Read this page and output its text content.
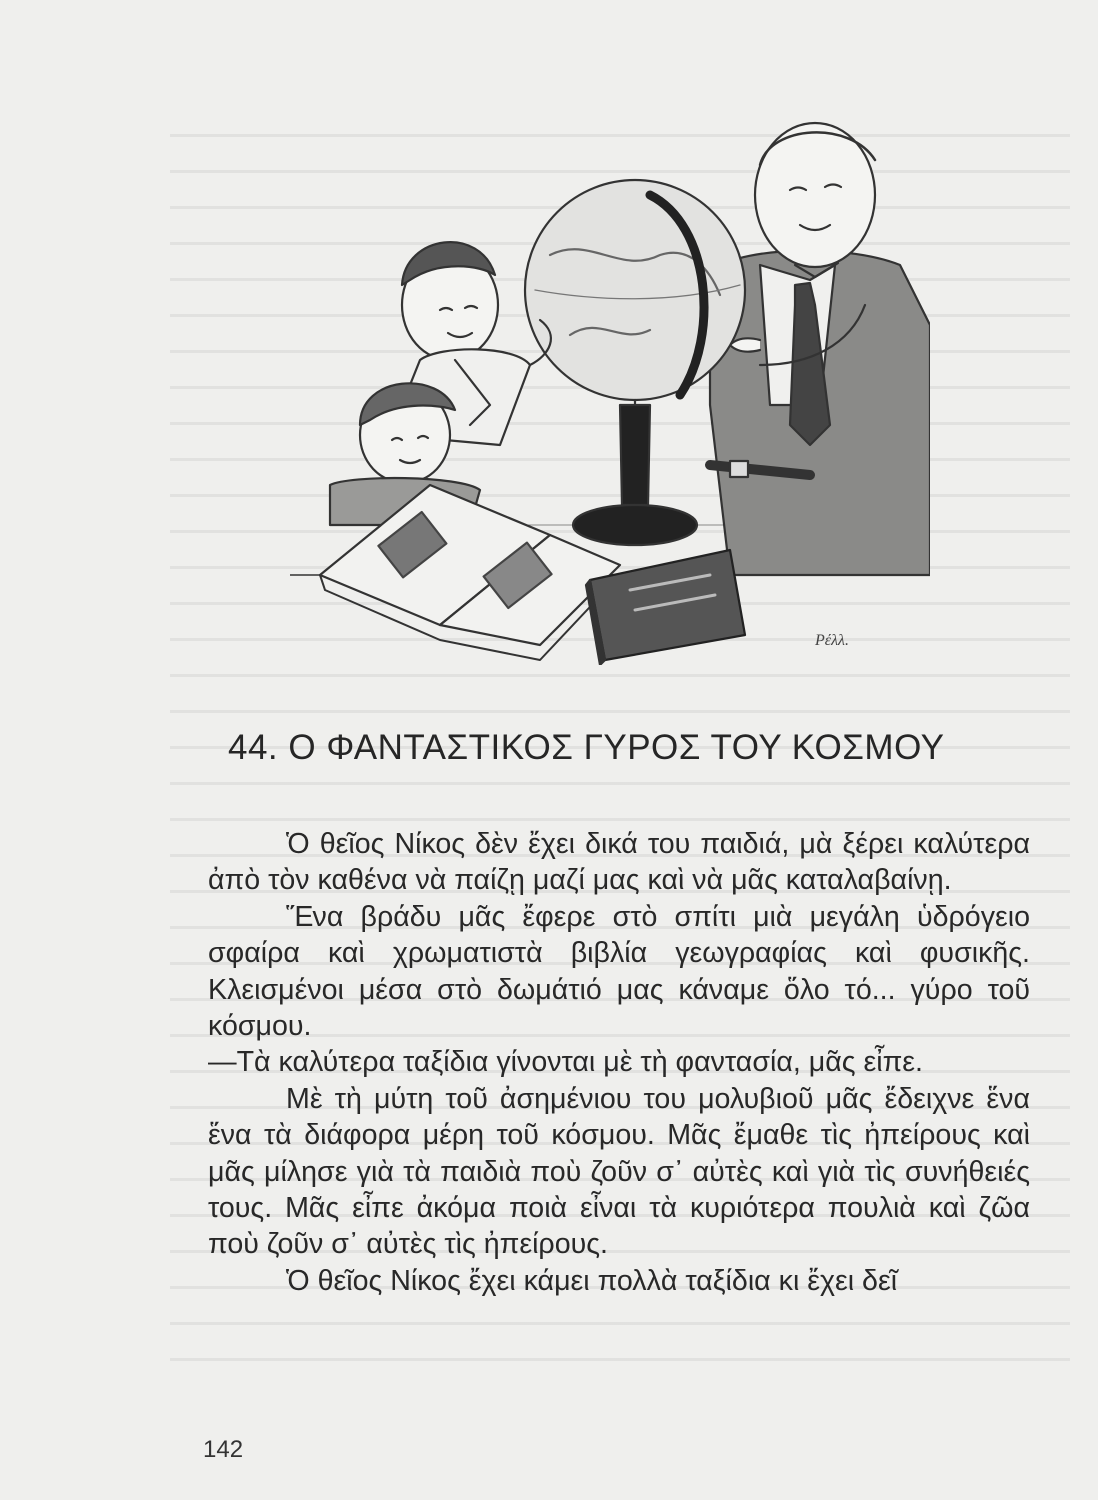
Ρέλλ.
44. Ο ΦΑΝΤΑΣΤΙΚΟΣ ΓΥΡΟΣ ΤΟΥ ΚΟΣΜΟΥ

Ὁ θεῖος Νίκος δὲν ἔχει δικά του παιδιά, μὰ ξέρει καλύτερα ἀπὸ τὸν καθένα νὰ παίζῃ μαζί μας καὶ νὰ μᾶς καταλαβαίνῃ.

Ἕνα βράδυ μᾶς ἔφερε στὸ σπίτι μιὰ μεγάλη ὑδρόγειο σφαίρα καὶ χρωματιστὰ βιβλία γεωγραφίας καὶ φυσικῆς. Κλεισμένοι μέσα στὸ δωμάτιό μας κάναμε ὅλο τό... γύρο τοῦ κόσμου.

—Τὰ καλύτερα ταξίδια γίνονται μὲ τὴ φαντασία, μᾶς εἶπε.

Μὲ τὴ μύτη τοῦ ἀσημένιου του μολυβιοῦ μᾶς ἔδειχνε ἕνα ἕνα τὰ διάφορα μέρη τοῦ κόσμου. Μᾶς ἔμαθε τὶς ἠπείρους καὶ μᾶς μίλησε γιὰ τὰ παιδιὰ ποὺ ζοῦν σ᾽ αὐτὲς καὶ γιὰ τὶς συνήθειές τους. Μᾶς εἶπε ἀκόμα ποιὰ εἶναι τὰ κυριότερα πουλιὰ καὶ ζῶα ποὺ ζοῦν σ᾽ αὐτὲς τὶς ἠπείρους.

Ὁ θεῖος Νίκος ἔχει κάμει πολλὰ ταξίδια κι ἔχει δεῖ

142
